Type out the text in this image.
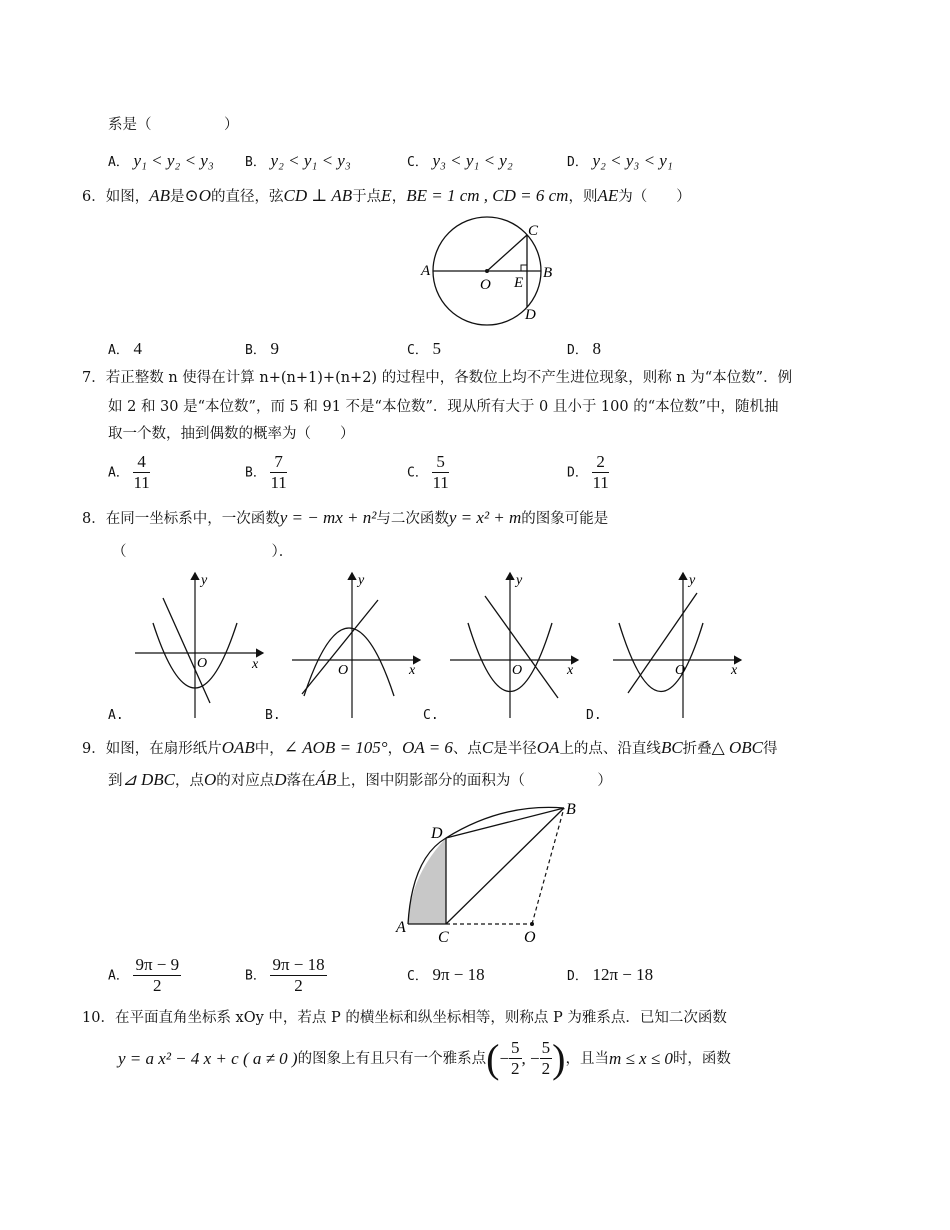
系是（　　　　　）
A． y₁ < y₂ < y₃ B． y₂ < y₁ < y₃	C． y₃ < y₁ < y₂	D． y₂ < y₃ < y₁
6．如图，AB是⊙O的直径，弦CD ⊥ AB于点E，BE = 1 cm , CD = 6 cm，则AE为（　　）
A	B
C
D
O E
A． 4	B． 9	C． 5	D． 8
7．若正整数 n 使得在计算 n+(n+1)+(n+2) 的过程中，各数位上均不产生进位现象，则称 n 为“本位数”．例
如 2 和 30 是“本位数”，而 5 和 91 不是“本位数”．现从所有大于 0 且小于 100 的“本位数”中，随机抽
取一个数，抽到偶数的概率为（　　）
A． $\frac{4}{11}$	B． $\frac{7}{11}$	C． $\frac{5}{11}$	D． $\frac{2}{11}$
8．在同一坐标系中，一次函数y = − mx + n²与二次函数y = x² + m的图象可能是
（　　　　　　　　　　）．
y
x
O
y
x
O
y
x
O
y
x
O
A.	B.	C.	D.
9．如图，在扇形纸片OAB中，∠ AOB = 105°，OA = 6、点C是半径OA上的点、沿直线BC折叠△ OBC得
到⊿ DBC，点O的对应点D落在ÁB上，图中阴影部分的面积为（　　　　　）
A
C	O
D
B
A． $\frac{9\pi - 9}{2}$	B． $\frac{9\pi - 18}{2}$	C． 9π − 18	D． 12π − 18
10．在平面直角坐标系 xOy 中，若点 P 的横坐标和纵坐标相等，则称点 P 为雅系点．已知二次函数
y = a x² − 4 x + c ( a ≠ 0 ) 的图象上有且只有一个雅系点 ( − $\frac{5}{2}$ , − $\frac{5}{2}$ ) ，且当 m ≤ x ≤ 0 时，函数
